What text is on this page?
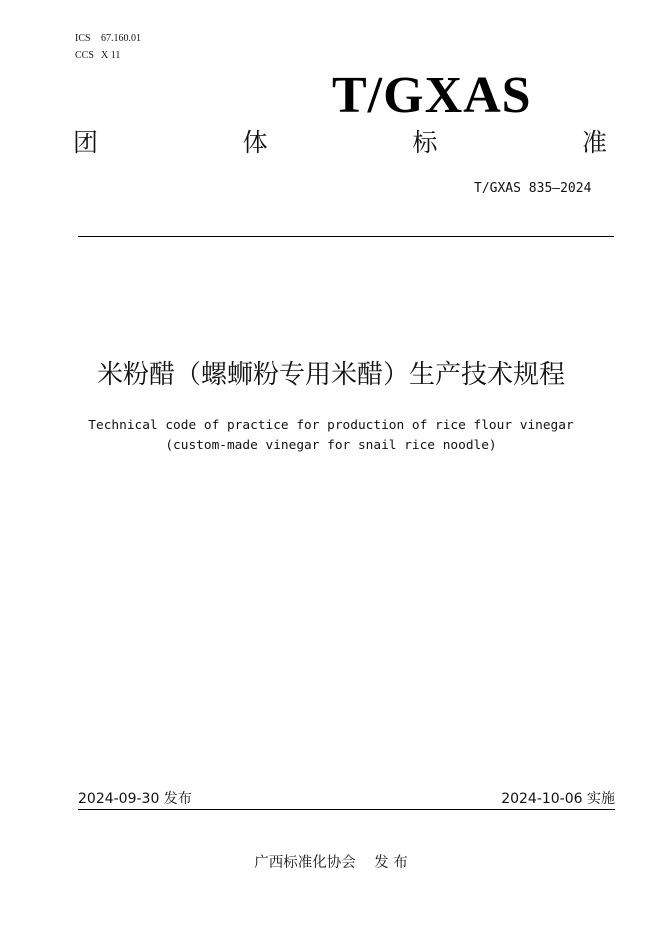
ICS 67.160.01
CCS X 11
T/GXAS
团	体	标	准
T/GXAS 835—2024
米粉醋（螺蛳粉专用米醋）生产技术规程
Technical code of practice for production of rice flour vinegar
(custom-made vinegar for snail rice noodle)
2024-09-30 发布	2024-10-06 实施
广西标准化协会    发 布
